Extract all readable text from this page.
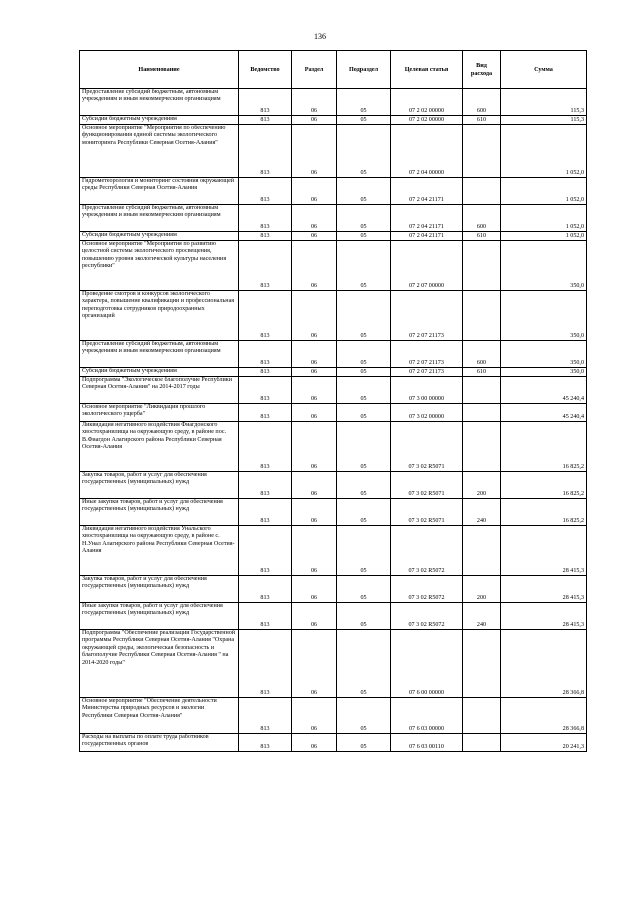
136
Наименование	Ведомство	Раздел	Подраздел	Целевая статья	Вид расхода	Сумма
Предоставление субсидий бюджетным, автономным учреждениям и иным некоммерческим организациям	813	06	05	07 2 02 00000	600	115,3
Субсидии бюджетным учреждениям	813	06	05	07 2 02 00000	610	115,3
Основное мероприятие "Мероприятия по обеспечению функционирования единой системы экологического мониторинга Республики Северная Осетия-Алания"	813	06	05	07 2 04 00000		1 052,0
Гидрометеорология и мониторинг состояния окружающей среды Республики Северная Осетия-Алания	813	06	05	07 2 04 21171		1 052,0
Предоставление субсидий бюджетным, автономным учреждениям и иным некоммерческим организациям	813	06	05	07 2 04 21171	600	1 052,0
Субсидии бюджетным учреждениям	813	06	05	07 2 04 21171	610	1 052,0
Основное мероприятие "Мероприятия по развитию целостной системы экологического просвещения, повышению уровня экологической культуры населения республики"	813	06	05	07 2 07 00000		350,0
Проведение смотров и конкурсов экологического характера, повышение квалификации и профессиональная переподготовка сотрудников природоохранных организаций	813	06	05	07 2 07 21173		350,0
Предоставление субсидий бюджетным, автономным учреждениям и иным некоммерческим организациям	813	06	05	07 2 07 21173	600	350,0
Субсидии бюджетным учреждениям	813	06	05	07 2 07 21173	610	350,0
Подпрограмма "Экологическое благополучие Республики Северная Осетия-Алания" на 2014-2017 годы	813	06	05	07 3 00 00000		45 240,4
Основное мероприятие "Ликвидация прошлого экологического ущерба"	813	06	05	07 3 02 00000		45 240,4
Ликвидация негативного воздействия Фиагдонского хвостохранилища на окружающую среду, в районе пос. В.Фиагдон Алагирского района Республики Северная Осетия-Алания	813	06	05	07 3 02 R5071		16 825,2
Закупка товаров, работ и услуг для обеспечения государственных (муниципальных) нужд	813	06	05	07 3 02 R5071	200	16 825,2
Иные закупки товаров, работ и услуг для обеспечения государственных (муниципальных) нужд	813	06	05	07 3 02 R5071	240	16 825,2
Ликвидация негативного воздействия Унальского хвостохранилища на окружающую среду, в районе с. Н.Унал Алагирского района Республики Северная Осетия-Алания	813	06	05	07 3 02 R5072		28 415,3
Закупка товаров, работ и услуг для обеспечения государственных (муниципальных) нужд	813	06	05	07 3 02 R5072	200	28 415,3
Иные закупки товаров, работ и услуг для обеспечения государственных (муниципальных) нужд	813	06	05	07 3 02 R5072	240	28 415,3
Подпрограмма "Обеспечение реализации Государственной программы Республики Северная Осетия-Алания "Охрана окружающей среды, экологическая безопасность и благополучие Республики Северная Осетия-Алания " на 2014-2020 годы"	813	06	05	07 6 00 00000		28 366,8
Основное мероприятие "Обеспечение деятельности Министерства природных ресурсов и экологии Республики Северная Осетия-Алания"	813	06	05	07 6 03 00000		28 366,8
Расходы на выплаты по оплате труда работников государственных органов	813	06	05	07 6 03 00110		20 241,3
